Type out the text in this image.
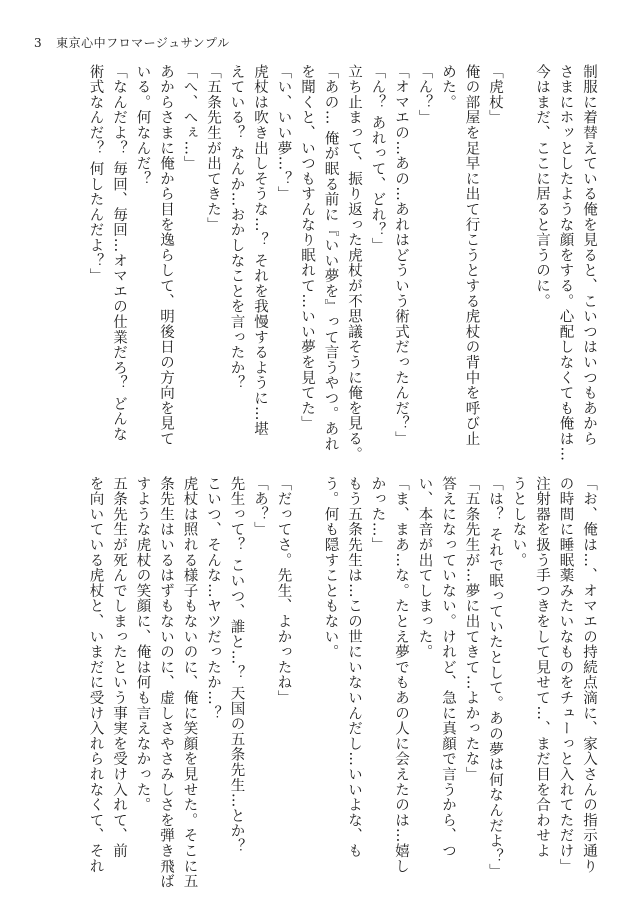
3 東京心中フロマージュサンプル
制服に着替えている俺を見ると、こいつはいつもあから
さまにホッとしたような顔をする。心配しなくても俺は…
今はまだ、ここに居ると言うのに。
「虎杖」
俺の部屋を足早に出て行こうとする虎杖の背中を呼び止
めた。
「ん？」
「オマエの…あの…あれはどういう術式だったんだ？」
「ん？ あれって、どれ？」
立ち止まって、振り返った虎杖が不思議そうに俺を見る。
「あの… 俺が眠る前に『いい夢を』って言うやつ。あれ
を聞くと、いつもすんなり眠れて…いい夢を見てた」
「い、いい夢…？」
虎杖は吹き出しそうな…？ それを我慢するように…堪
えている？ なんか…おかしなことを言ったか？
「五条先生が出てきた」
「へ、へぇ…」
あからさまに俺から目を逸らして、明後日の方向を見て
いる。何なんだ？
「なんだよ？ 毎回、毎回…オマエの仕業だろ？ どんな
術式なんだ？ 何したんだよ？」
「お、俺は…、オマエの持続点滴に、家入さんの指示通り
の時間に睡眠薬みたいなものをチューっと入れてただけ」
注射器を扱う手つきをして見せて…、まだ目を合わせよ
うとしない。
「は？ それで眠っていたとして。あの夢は何なんだよ？」
「五条先生が…夢に出てきて…よかったな」
答えになっていない。けれど、急に真顔で言うから、つ
い、本音が出てしまった。
「ま、まあ…な。たとえ夢でもあの人に会えたのは…嬉し
かった…」
もう五条先生は…この世にいないんだし…いいよな、も
う。何も隠すこともない。
「だってさ。先生、よかったね」
「あ？」
先生って？ こいつ、誰と…？ 天国の五条先生…とか？
こいつ、そんな…ヤツだったか…？
虎杖は照れる様子もないのに、俺に笑顔を見せた。そこに五
条先生はいるはずもないのに、虚しさやさみしさを弾き飛ば
すような虎杖の笑顔に、俺は何も言えなかった。
五条先生が死んでしまったという事実を受け入れて、前
を向いている虎杖と、いまだに受け入れられなくて、それ
